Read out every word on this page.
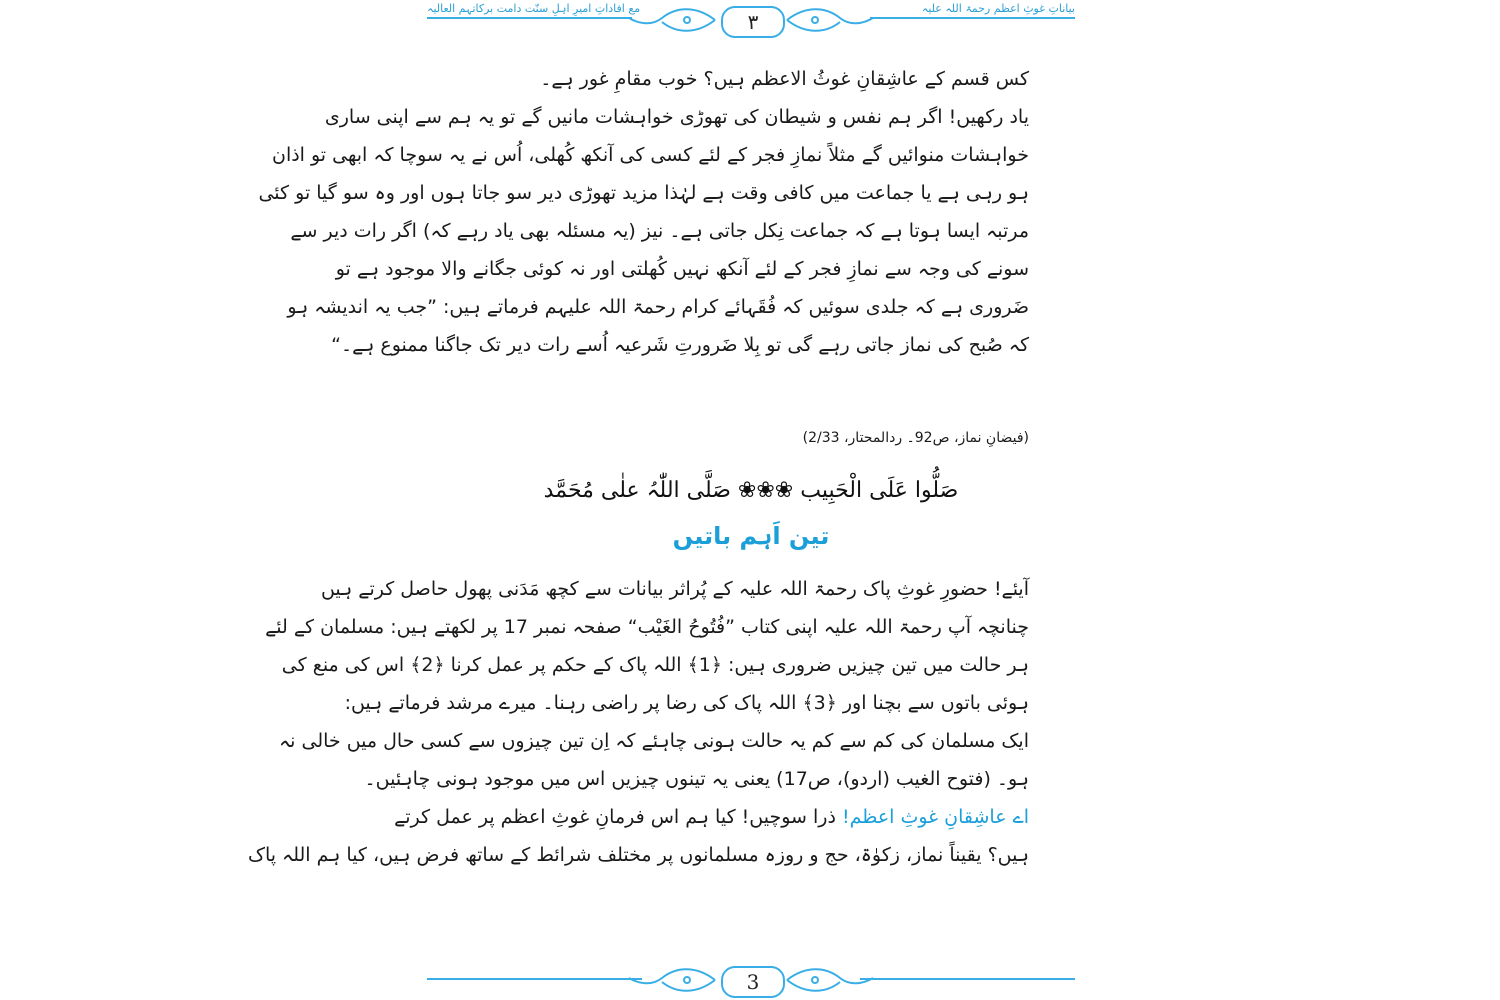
بیاناتِ غوثِ اعظم رحمۃ اللہ علیہ
مع افاداتِ امیرِ اہلِ سنّت دامت برکاتہم العالیہ
۳
کس قسم کے عاشِقانِ غوثُ الاعظم ہیں؟ خوب مقامِ غور ہے۔
یاد رکھیں! اگر ہم نفس و شیطان کی تھوڑی خواہشات مانیں گے تو یہ ہم سے اپنی ساری
خواہشات منوائیں گے مثلاً نمازِ فجر کے لئے کسی کی آنکھ کُھلی، اُس نے یہ سوچا کہ ابھی تو اذان
ہو رہی ہے یا جماعت میں کافی وقت ہے لہٰذا مزید تھوڑی دیر سو جاتا ہوں اور وہ سو گیا تو کئی
مرتبہ ایسا ہوتا ہے کہ جماعت نِکل جاتی ہے۔ نیز (یہ مسئلہ بھی یاد رہے کہ) اگر رات دیر سے
سونے کی وجہ سے نمازِ فجر کے لئے آنکھ نہیں کُھلتی اور نہ کوئی جگانے والا موجود ہے تو
ضَروری ہے کہ جلدی سوئیں کہ فُقَہائے کرام رحمۃ اللہ علیہم فرماتے ہیں: ”جب یہ اندیشہ ہو
کہ صُبح کی نماز جاتی رہے گی تو بِلا ضَرورتِ شَرعیہ اُسے رات دیر تک جاگنا ممنوع ہے۔“
(فیضانِ نماز، ص92۔ ردالمحتار، 2/33)
صَلُّوا عَلَی الْحَبِیب ❀❀❀ صَلَّی اللّٰہُ علٰی مُحَمَّد
تین اَہم باتیں
آیئے! حضورِ غوثِ پاک رحمۃ اللہ علیہ کے پُراثر بیانات سے کچھ مَدَنی پھول حاصل کرتے ہیں
چنانچہ آپ رحمۃ اللہ علیہ اپنی کتاب ”فُتُوحُ الغَیْب“ صفحہ نمبر 17 پر لکھتے ہیں: مسلمان کے لئے
ہر حالت میں تین چیزیں ضروری ہیں: ﴿1﴾ اللہ پاک کے حکم پر عمل کرنا ﴿2﴾ اس کی منع کی
ہوئی باتوں سے بچنا اور ﴿3﴾ اللہ پاک کی رضا پر راضی رہنا۔ میرے مرشد فرماتے ہیں:
ایک مسلمان کی کم سے کم یہ حالت ہونی چاہئے کہ اِن تین چیزوں سے کسی حال میں خالی نہ
ہو۔ (فتوح الغیب (اردو)، ص17) یعنی یہ تینوں چیزیں اس میں موجود ہونی چاہئیں۔
اے عاشِقانِ غوثِ اعظم! ذرا سوچیں! کیا ہم اس فرمانِ غوثِ اعظم پر عمل کرتے
ہیں؟ یقیناً نماز، زکوٰۃ، حج و روزہ مسلمانوں پر مختلف شرائط کے ساتھ فرض ہیں، کیا ہم اللہ پاک
3
